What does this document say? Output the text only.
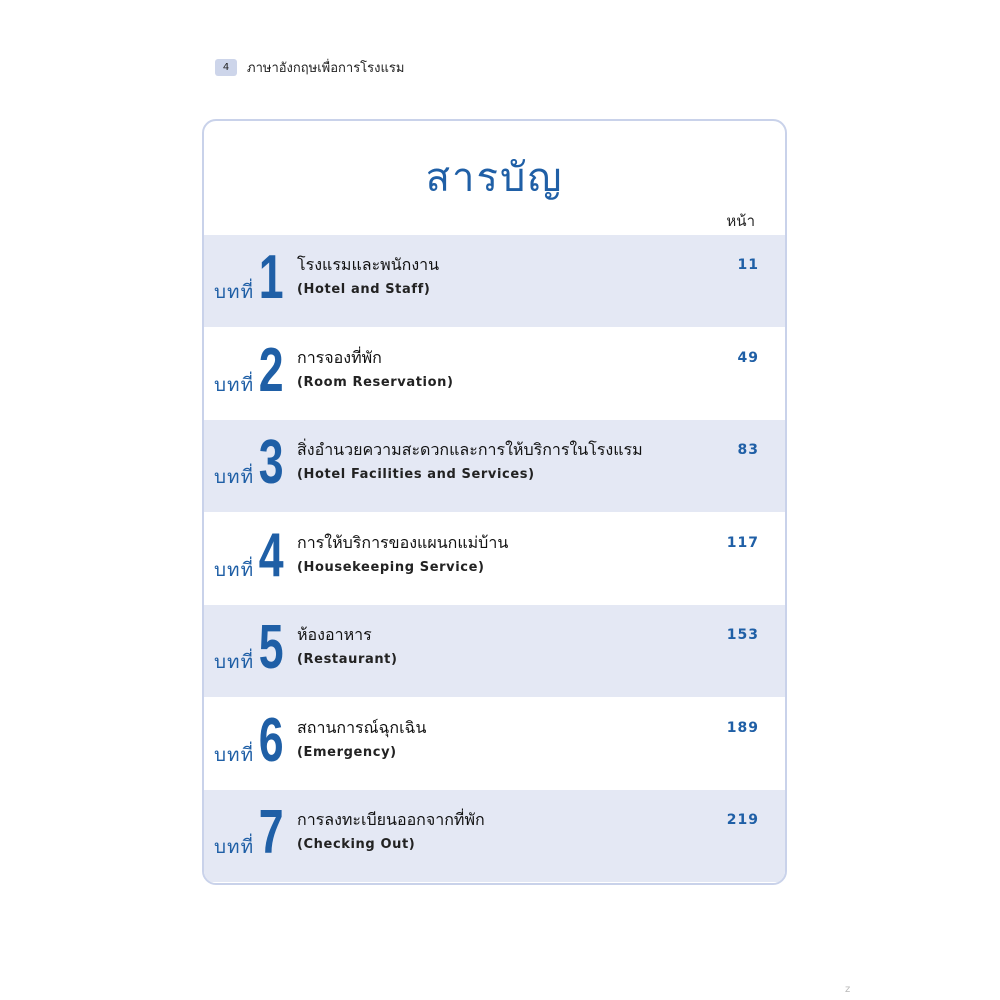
4	ภาษาอังกฤษเพื่อการโรงแรม
สารบัญ
หน้า
บทที่ 1 โรงแรมและพนักงาน
(Hotel and Staff)
11
บทที่ 2 การจองที่พัก
(Room Reservation)
49
บทที่ 3 สิ่งอำนวยความสะดวกและการให้บริการในโรงแรม
(Hotel Facilities and Services)
83
บทที่ 4 การให้บริการของแผนกแม่บ้าน
(Housekeeping Service)
117
บทที่ 5 ห้องอาหาร
(Restaurant)
153
บทที่ 6 สถานการณ์ฉุกเฉิน
(Emergency)
189
บทที่ 7 การลงทะเบียนออกจากที่พัก
(Checking Out)
219
z
